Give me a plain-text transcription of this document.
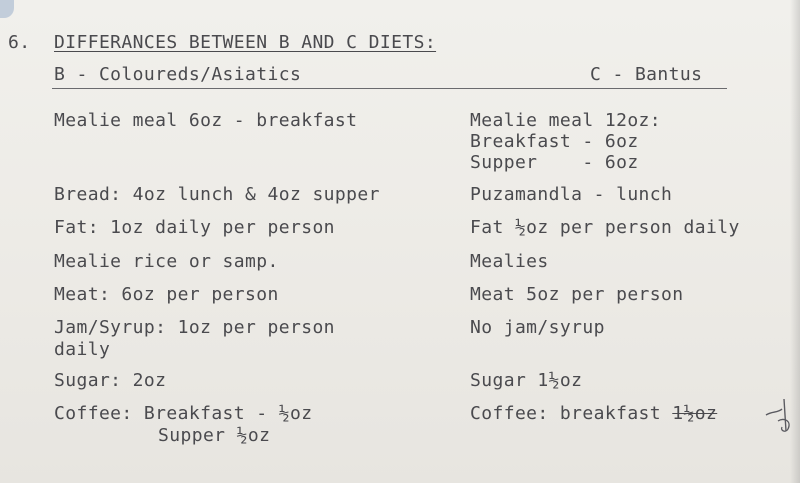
6. DIFFERANCES BETWEEN B AND C DIETS:
B - Coloureds/Asiatics	C - Bantus
Mealie meal 6oz - breakfast
Bread: 4oz lunch & 4oz supper
Fat: 1oz daily per person
Mealie rice or samp.
Meat: 6oz per person
Jam/Syrup: 1oz per person
daily
Sugar: 2oz
Coffee: Breakfast - ½oz
Supper ½oz
Mealie meal 12oz:
Breakfast - 6oz
Supper    - 6oz
Puzamandla - lunch
Fat ½oz per person daily
Mealies
Meat 5oz per person
No jam/syrup
Sugar 1½oz
Coffee: breakfast 1½oz
